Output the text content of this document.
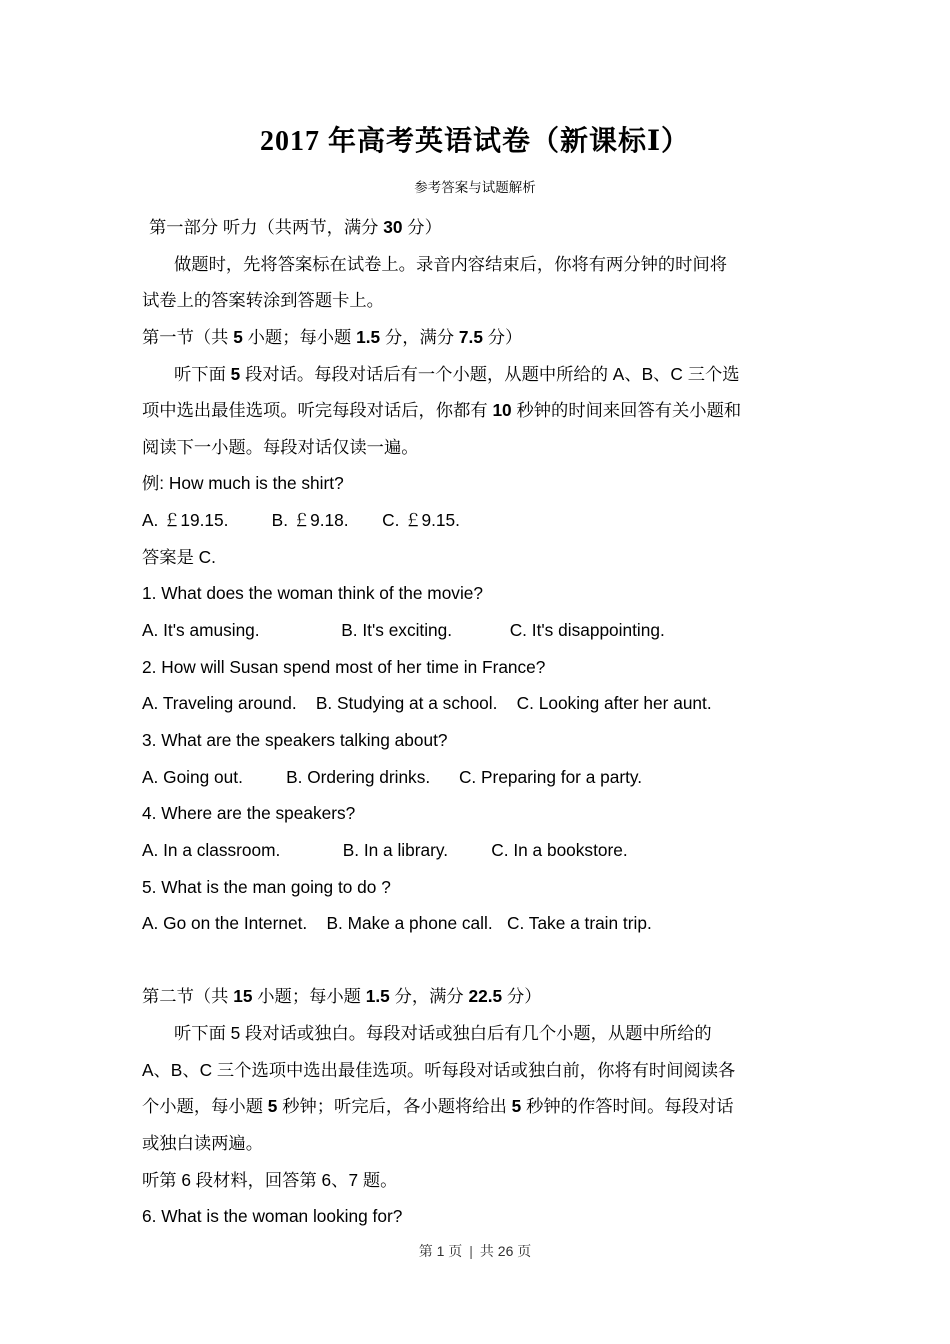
2017 年高考英语试卷（新课标Ⅰ）
参考答案与试题解析
第一部分 听力（共两节，满分 30 分）
做题时，先将答案标在试卷上。录音内容结束后，你将有两分钟的时间将
试卷上的答案转涂到答题卡上。
第一节（共 5 小题；每小题 1.5 分，满分 7.5 分）
听下面 5 段对话。每段对话后有一个小题，从题中所给的 A、B、C 三个选
项中选出最佳选项。听完每段对话后，你都有 10 秒钟的时间来回答有关小题和
阅读下一小题。每段对话仅读一遍。
例: How much is the shirt?
A. ￡19.15.         B. ￡9.18.       C. ￡9.15.
答案是 C.
1. What does the woman think of the movie?
A. It's amusing.                 B. It's exciting.            C. It's disappointing.
2. How will Susan spend most of her time in France?
A. Traveling around.    B. Studying at a school.    C. Looking after her aunt.
3. What are the speakers talking about?
A. Going out.         B. Ordering drinks.      C. Preparing for a party.
4. Where are the speakers?
A. In a classroom.             B. In a library.         C. In a bookstore.
5. What is the man going to do ?
A. Go on the Internet.    B. Make a phone call.   C. Take a train trip.
第二节（共 15 小题；每小题 1.5 分，满分 22.5 分）
听下面 5 段对话或独白。每段对话或独白后有几个小题，从题中所给的
A、B、C 三个选项中选出最佳选项。听每段对话或独白前，你将有时间阅读各
个小题，每小题 5 秒钟；听完后，各小题将给出 5 秒钟的作答时间。每段对话
或独白读两遍。
听第 6 段材料，回答第 6、7 题。
6. What is the woman looking for?
第 1 页 | 共 26 页
